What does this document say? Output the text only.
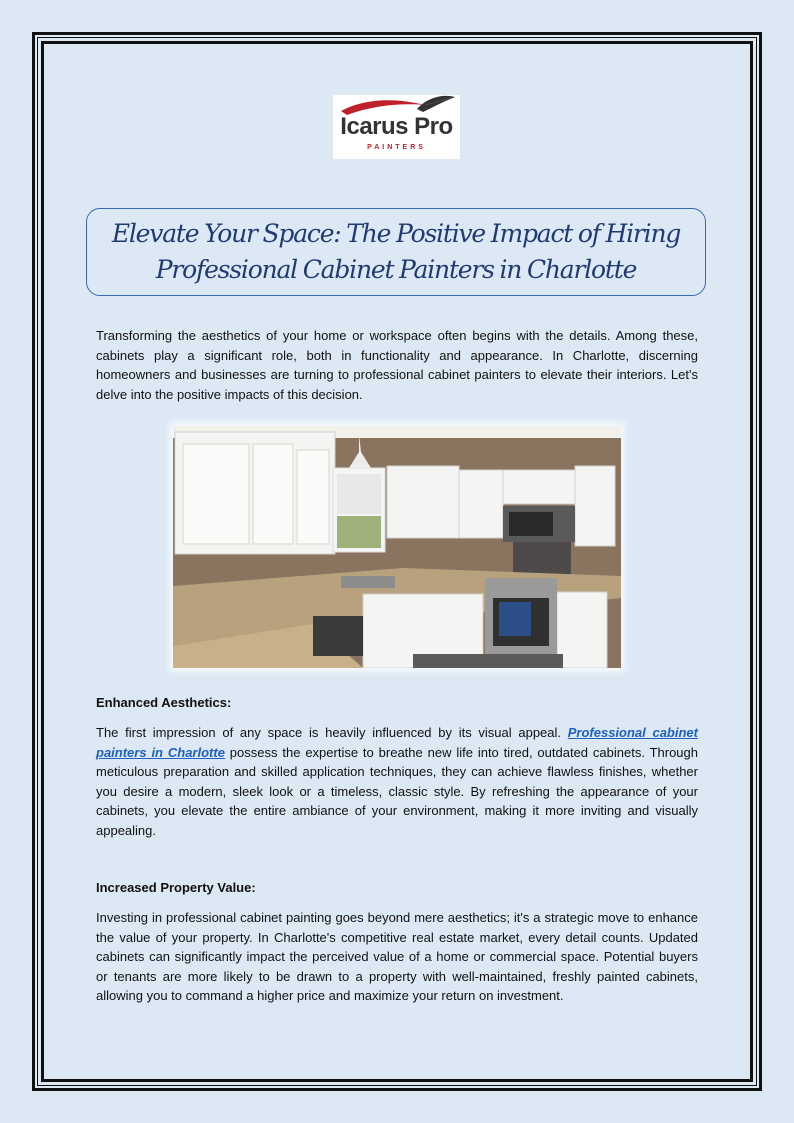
Icarus Pro
PAINTERS
Elevate Your Space: The Positive Impact of Hiring
Professional Cabinet Painters in Charlotte

Transforming the aesthetics of your home or workspace often begins with the details. Among these, cabinets play a significant role, both in functionality and appearance. In Charlotte, discerning homeowners and businesses are turning to professional cabinet painters to elevate their interiors. Let's delve into the positive impacts of this decision.

Enhanced Aesthetics:

The first impression of any space is heavily influenced by its visual appeal. Professional cabinet painters in Charlotte possess the expertise to breathe new life into tired, outdated cabinets. Through meticulous preparation and skilled application techniques, they can achieve flawless finishes, whether you desire a modern, sleek look or a timeless, classic style. By refreshing the appearance of your cabinets, you elevate the entire ambiance of your environment, making it more inviting and visually appealing.

Increased Property Value:

Investing in professional cabinet painting goes beyond mere aesthetics; it's a strategic move to enhance the value of your property. In Charlotte's competitive real estate market, every detail counts. Updated cabinets can significantly impact the perceived value of a home or commercial space. Potential buyers or tenants are more likely to be drawn to a property with well-maintained, freshly painted cabinets, allowing you to command a higher price and maximize your return on investment.
